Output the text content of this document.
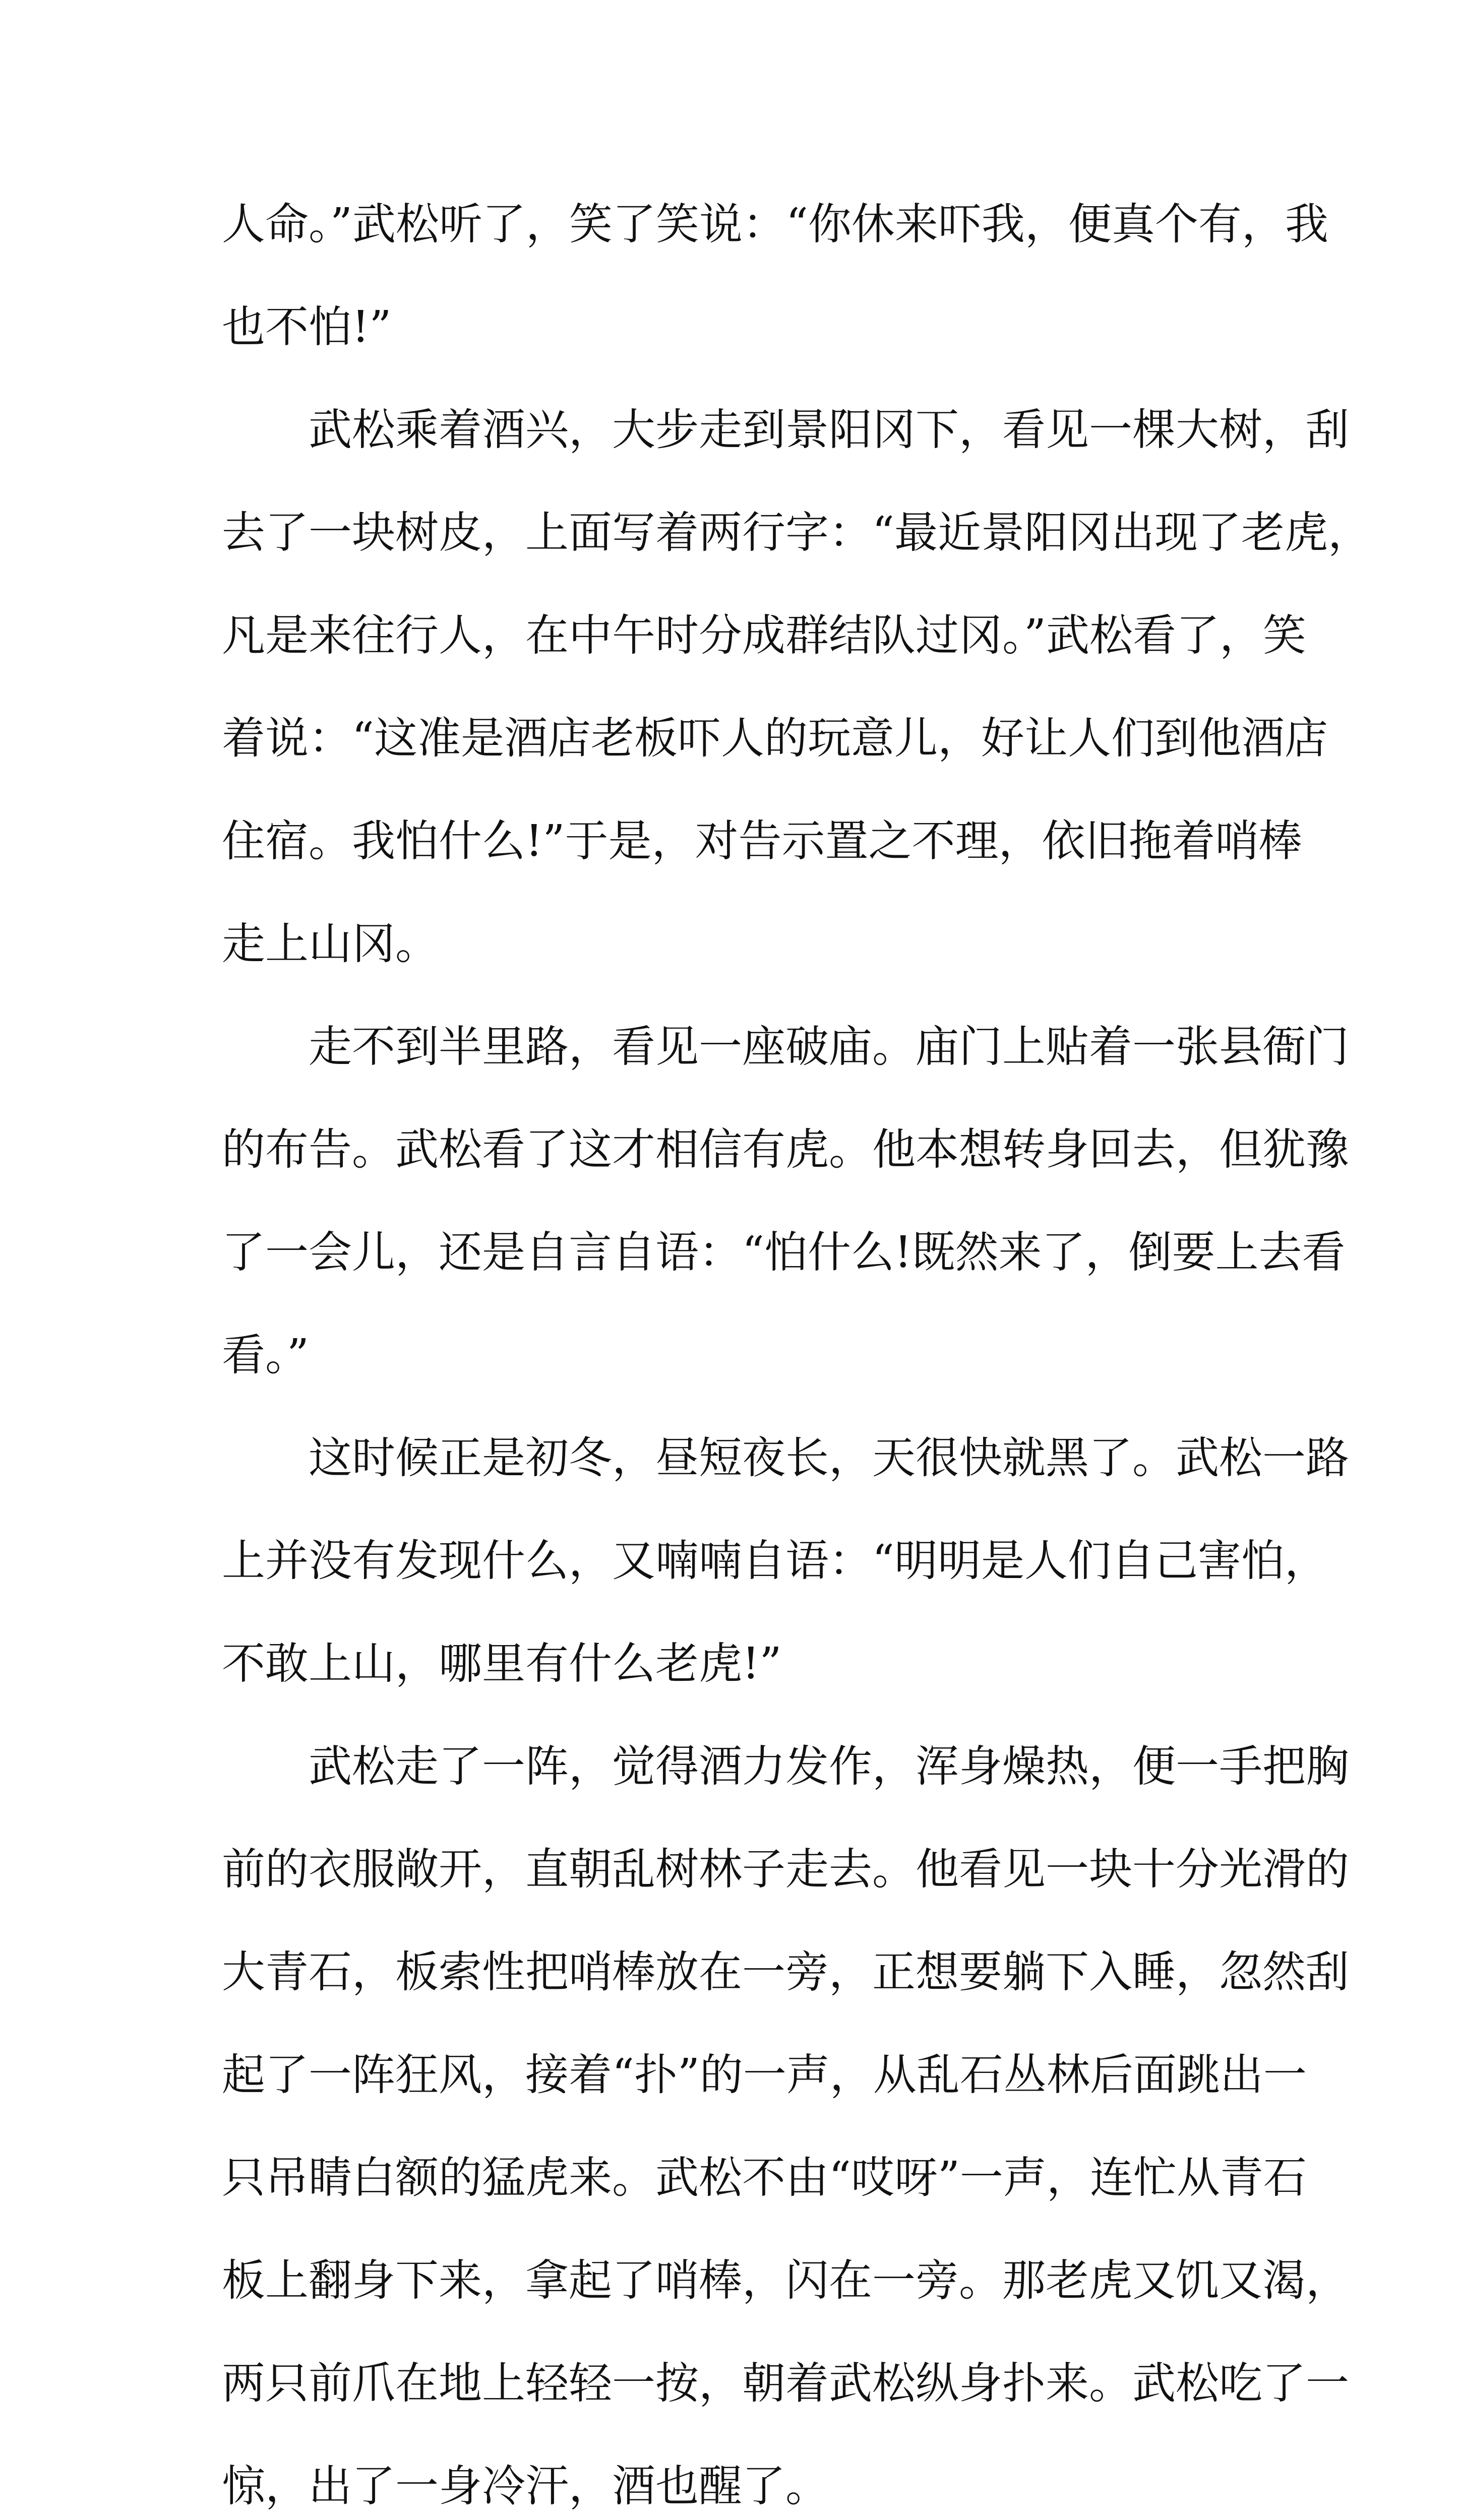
人命。”武松听了，笑了笑说：“你休来吓我，便真个有，我
也不怕!”
武松乘着酒兴，大步走到景阳冈下，看见一棵大树，刮
去了一块树皮，上面写着两行字：“最近景阳冈出现了老虎，
凡是来往行人，在中午时分成群结队过冈。”武松看了，笑
着说：“这准是酒店老板吓人的玩意儿，好让人们到他酒店
住宿。我怕什么!”于是，对告示置之不理，依旧拖着哨棒
走上山冈。
走不到半里路，看见一座破庙。庙门上贴着一张县衙门
的布告。武松看了这才相信有虎。他本想转身回去，但犹豫
了一会儿，还是自言自语：“怕什么!既然来了，倒要上去看
看。”
这时候正是初冬，昼短夜长，天很快就黑了。武松一路
上并没有发现什么，又喃喃自语：“明明是人们自己害怕，
不敢上山，哪里有什么老虎!”
武松走了一阵，觉得酒力发作，浑身燥热，便一手把胸
前的衣服敞开，直朝乱树林子走去。他看见一块十分光滑的
大青石，板索性把哨棒放在一旁，正想要躺下入睡，忽然刮
起了一阵狂风，接着“扑”的一声，从乱石丛林后面跳出一
只吊睛白额的猛虎来。武松不由“哎呀”一声，连忙从青石
板上翻身下来，拿起了哨棒，闪在一旁。那老虎又饥又渴，
两只前爪在地上轻轻一按，朝着武松纵身扑来。武松吃了一
惊，出了一身冷汗，酒也醒了。
